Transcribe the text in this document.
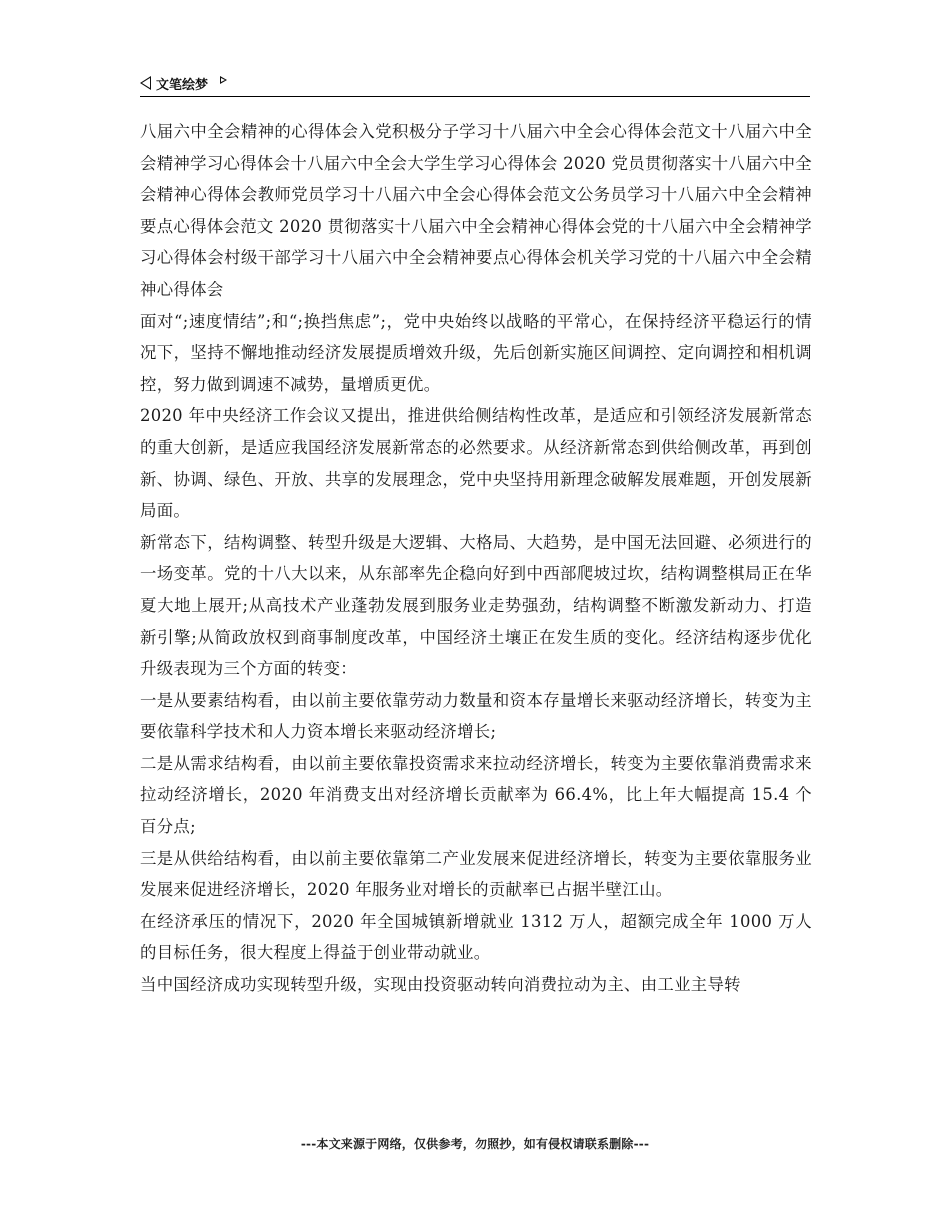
文笔绘梦

八届六中全会精神的心得体会入党积极分子学习十八届六中全会心得体会范文十八届六中全会精神学习心得体会十八届六中全会大学生学习心得体会 2020 党员贯彻落实十八届六中全会精神心得体会教师党员学习十八届六中全会心得体会范文公务员学习十八届六中全会精神要点心得体会范文 2020 贯彻落实十八届六中全会精神心得体会党的十八届六中全会精神学习心得体会村级干部学习十八届六中全会精神要点心得体会机关学习党的十八届六中全会精神心得体会

面对“;速度情结”;和“;换挡焦虑”;，党中央始终以战略的平常心，在保持经济平稳运行的情况下，坚持不懈地推动经济发展提质增效升级，先后创新实施区间调控、定向调控和相机调控，努力做到调速不减势，量增质更优。

2020 年中央经济工作会议又提出，推进供给侧结构性改革，是适应和引领经济发展新常态的重大创新，是适应我国经济发展新常态的必然要求。从经济新常态到供给侧改革，再到创新、协调、绿色、开放、共享的发展理念，党中央坚持用新理念破解发展难题，开创发展新局面。

新常态下，结构调整、转型升级是大逻辑、大格局、大趋势，是中国无法回避、必须进行的一场变革。党的十八大以来，从东部率先企稳向好到中西部爬坡过坎，结构调整棋局正在华夏大地上展开;从高技术产业蓬勃发展到服务业走势强劲，结构调整不断激发新动力、打造新引擎;从简政放权到商事制度改革，中国经济土壤正在发生质的变化。经济结构逐步优化升级表现为三个方面的转变：

一是从要素结构看，由以前主要依靠劳动力数量和资本存量增长来驱动经济增长，转变为主要依靠科学技术和人力资本增长来驱动经济增长;

二是从需求结构看，由以前主要依靠投资需求来拉动经济增长，转变为主要依靠消费需求来拉动经济增长，2020 年消费支出对经济增长贡献率为 66.4%，比上年大幅提高 15.4 个百分点;

三是从供给结构看，由以前主要依靠第二产业发展来促进经济增长，转变为主要依靠服务业发展来促进经济增长，2020 年服务业对增长的贡献率已占据半壁江山。

在经济承压的情况下，2020 年全国城镇新增就业 1312 万人，超额完成全年 1000 万人的目标任务，很大程度上得益于创业带动就业。

当中国经济成功实现转型升级，实现由投资驱动转向消费拉动为主、由工业主导转

---本文来源于网络，仅供参考，勿照抄，如有侵权请联系删除---
